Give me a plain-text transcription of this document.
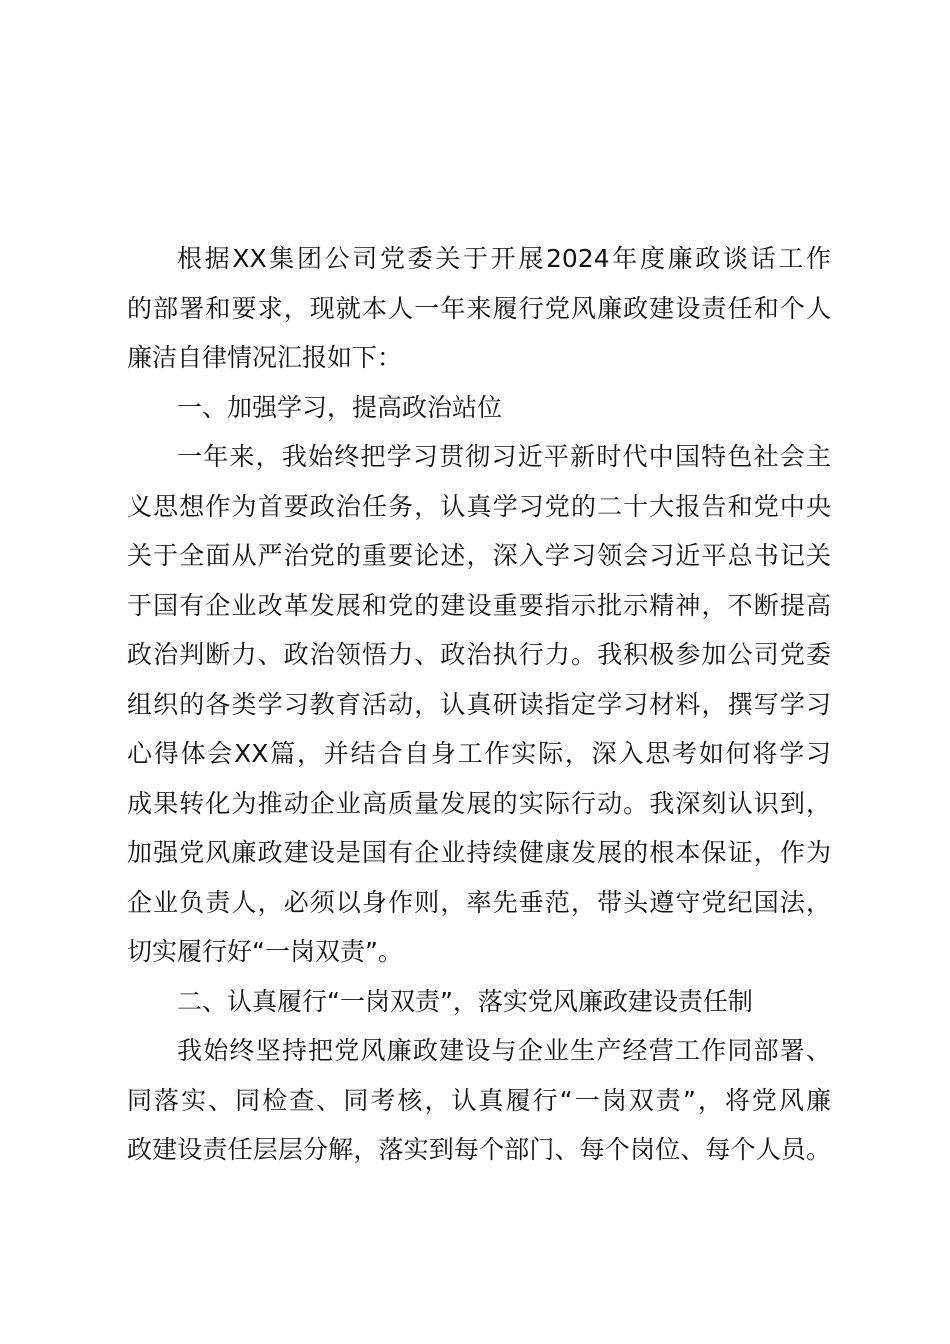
根据XX集团公司党委关于开展2024年度廉政谈话工作
的部署和要求，现就本人一年来履行党风廉政建设责任和个人
廉洁自律情况汇报如下：
一、加强学习，提高政治站位
一年来，我始终把学习贯彻习近平新时代中国特色社会主
义思想作为首要政治任务，认真学习党的二十大报告和党中央
关于全面从严治党的重要论述，深入学习领会习近平总书记关
于国有企业改革发展和党的建设重要指示批示精神，不断提高
政治判断力、政治领悟力、政治执行力。我积极参加公司党委
组织的各类学习教育活动，认真研读指定学习材料，撰写学习
心得体会XX篇，并结合自身工作实际，深入思考如何将学习
成果转化为推动企业高质量发展的实际行动。我深刻认识到，
加强党风廉政建设是国有企业持续健康发展的根本保证，作为
企业负责人，必须以身作则，率先垂范，带头遵守党纪国法，
切实履行好“一岗双责”。
二、认真履行“一岗双责”，落实党风廉政建设责任制
我始终坚持把党风廉政建设与企业生产经营工作同部署、
同落实、同检查、同考核，认真履行“一岗双责”，将党风廉
政建设责任层层分解，落实到每个部门、每个岗位、每个人员。
